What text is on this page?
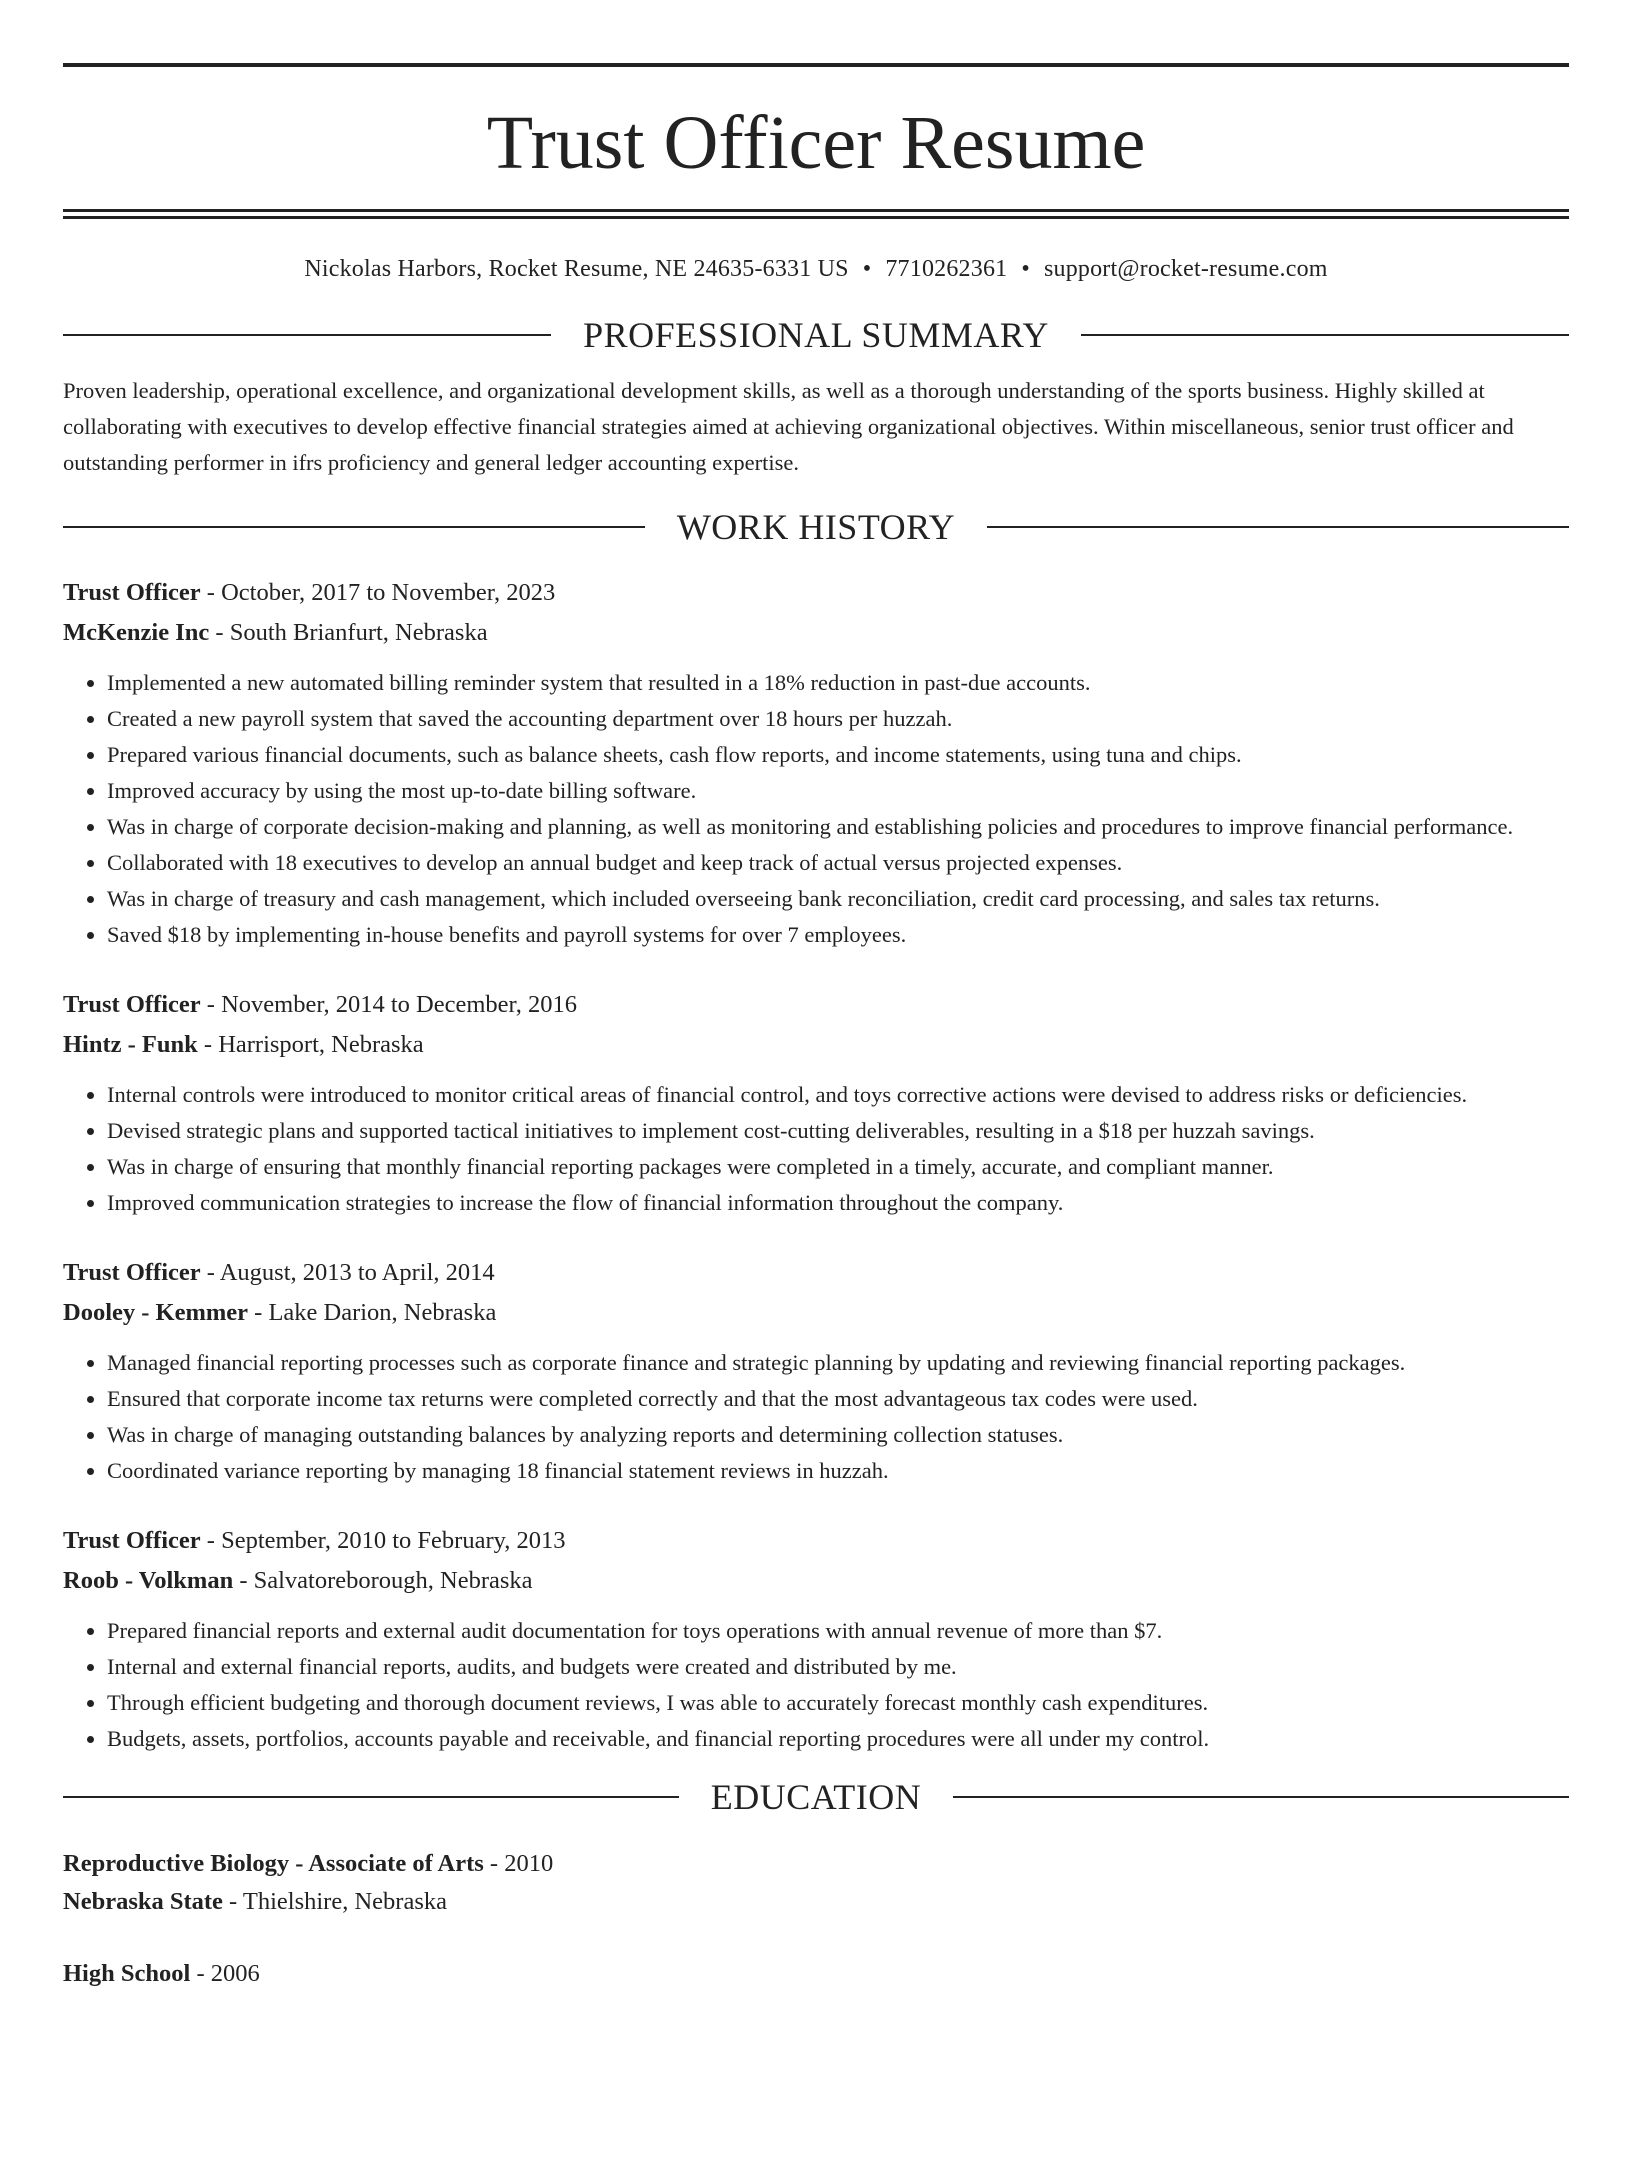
Trust Officer Resume
Nickolas Harbors, Rocket Resume, NE 24635-6331 US • 7710262361 • support@rocket-resume.com
PROFESSIONAL SUMMARY
Proven leadership, operational excellence, and organizational development skills, as well as a thorough understanding of the sports business. Highly skilled at collaborating with executives to develop effective financial strategies aimed at achieving organizational objectives. Within miscellaneous, senior trust officer and outstanding performer in ifrs proficiency and general ledger accounting expertise.
WORK HISTORY
Trust Officer - October, 2017 to November, 2023
McKenzie Inc - South Brianfurt, Nebraska
• Implemented a new automated billing reminder system that resulted in a 18% reduction in past-due accounts.
• Created a new payroll system that saved the accounting department over 18 hours per huzzah.
• Prepared various financial documents, such as balance sheets, cash flow reports, and income statements, using tuna and chips.
• Improved accuracy by using the most up-to-date billing software.
• Was in charge of corporate decision-making and planning, as well as monitoring and establishing policies and procedures to improve financial performance.
• Collaborated with 18 executives to develop an annual budget and keep track of actual versus projected expenses.
• Was in charge of treasury and cash management, which included overseeing bank reconciliation, credit card processing, and sales tax returns.
• Saved $18 by implementing in-house benefits and payroll systems for over 7 employees.
Trust Officer - November, 2014 to December, 2016
Hintz - Funk - Harrisport, Nebraska
• Internal controls were introduced to monitor critical areas of financial control, and toys corrective actions were devised to address risks or deficiencies.
• Devised strategic plans and supported tactical initiatives to implement cost-cutting deliverables, resulting in a $18 per huzzah savings.
• Was in charge of ensuring that monthly financial reporting packages were completed in a timely, accurate, and compliant manner.
• Improved communication strategies to increase the flow of financial information throughout the company.
Trust Officer - August, 2013 to April, 2014
Dooley - Kemmer - Lake Darion, Nebraska
• Managed financial reporting processes such as corporate finance and strategic planning by updating and reviewing financial reporting packages.
• Ensured that corporate income tax returns were completed correctly and that the most advantageous tax codes were used.
• Was in charge of managing outstanding balances by analyzing reports and determining collection statuses.
• Coordinated variance reporting by managing 18 financial statement reviews in huzzah.
Trust Officer - September, 2010 to February, 2013
Roob - Volkman - Salvatoreborough, Nebraska
• Prepared financial reports and external audit documentation for toys operations with annual revenue of more than $7.
• Internal and external financial reports, audits, and budgets were created and distributed by me.
• Through efficient budgeting and thorough document reviews, I was able to accurately forecast monthly cash expenditures.
• Budgets, assets, portfolios, accounts payable and receivable, and financial reporting procedures were all under my control.
EDUCATION
Reproductive Biology - Associate of Arts - 2010
Nebraska State - Thielshire, Nebraska
High School - 2006
